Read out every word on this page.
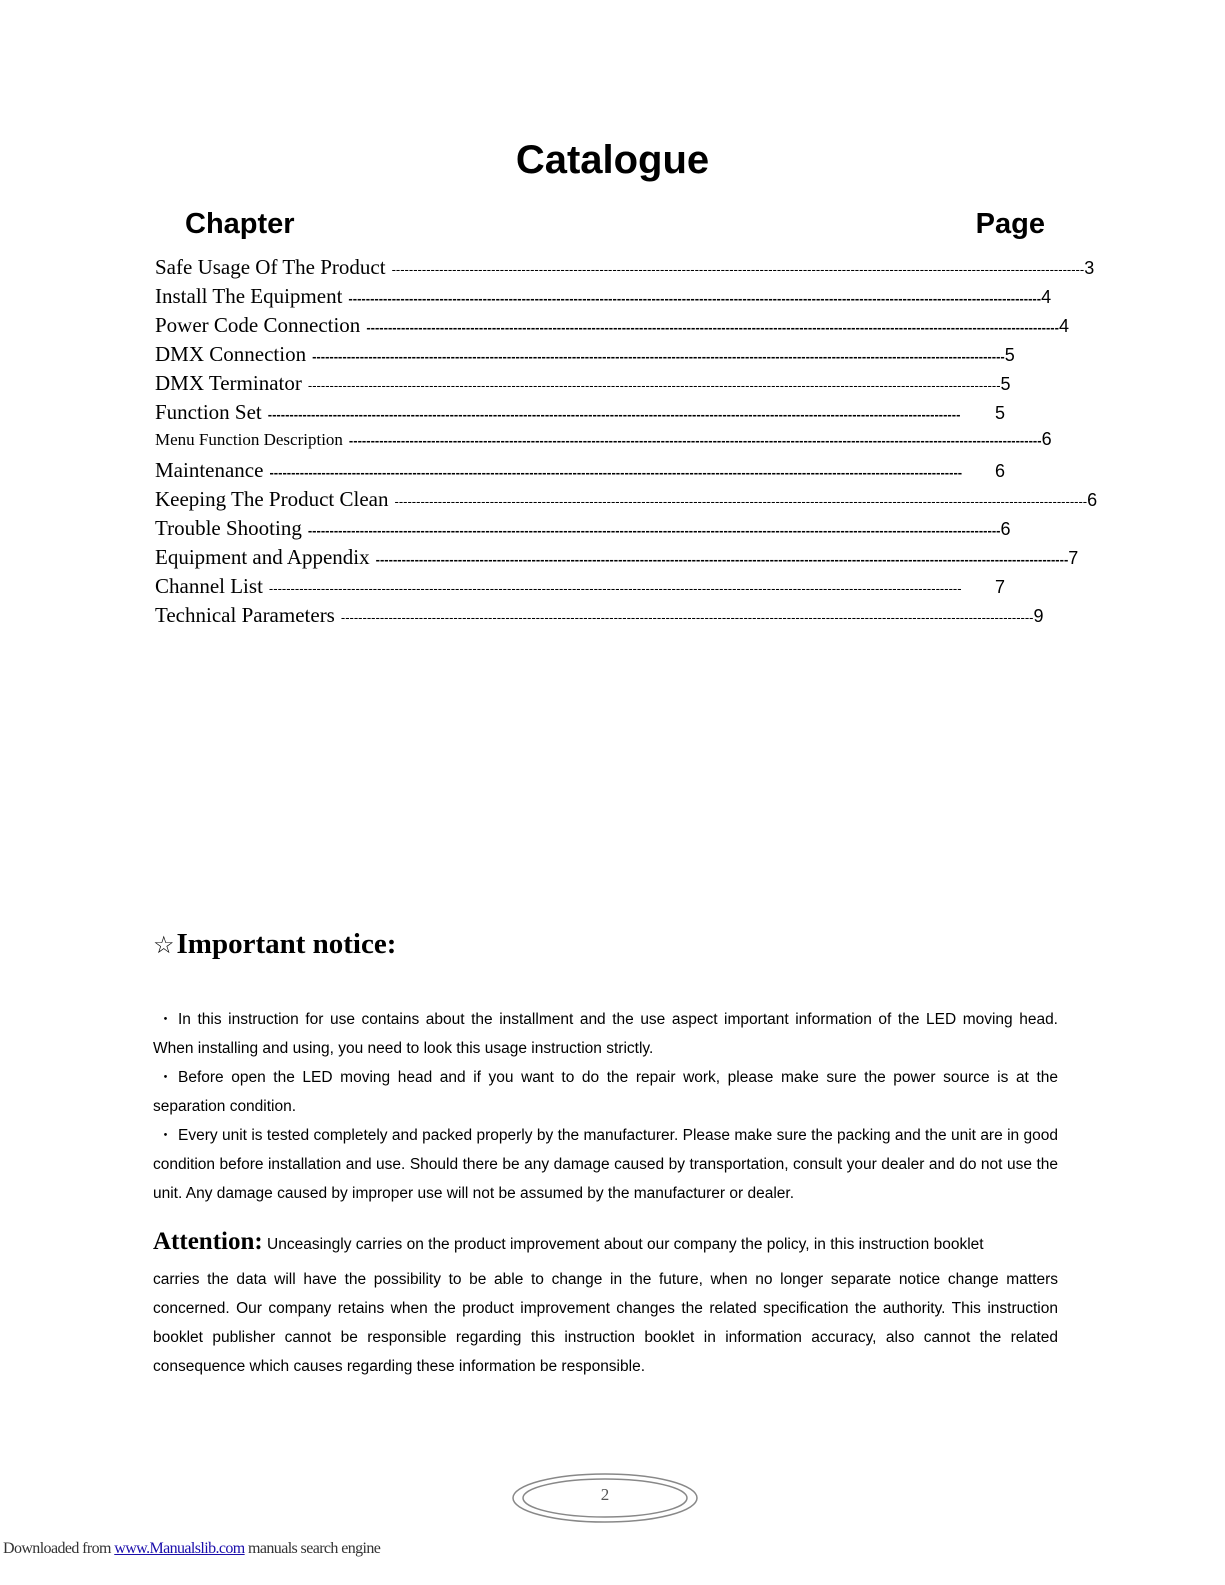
Catalogue
Chapter	Page
Safe Usage Of The Product ---------------------------------------------------------------------------------------------------------------------------------------------------------------- 3
Install The Equipment ---------------------------------------------------------------------------------------------------------------------------------------------------------------- 4
Power Code Connection ---------------------------------------------------------------------------------------------------------------------------------------------------------------- 4
DMX Connection ---------------------------------------------------------------------------------------------------------------------------------------------------------------- 5
DMX Terminator ---------------------------------------------------------------------------------------------------------------------------------------------------------------- 5
Function Set ----------------------------------------------------------------------------------------------------------------------------------------------------------------	5
Menu Function Description ---------------------------------------------------------------------------------------------------------------------------------------------------------------- 6
Maintenance ----------------------------------------------------------------------------------------------------------------------------------------------------------------	6
Keeping The Product Clean ---------------------------------------------------------------------------------------------------------------------------------------------------------------- 6
Trouble Shooting ---------------------------------------------------------------------------------------------------------------------------------------------------------------- 6
Equipment and Appendix ---------------------------------------------------------------------------------------------------------------------------------------------------------------- 7
Channel List ----------------------------------------------------------------------------------------------------------------------------------------------------------------	7
Technical Parameters ---------------------------------------------------------------------------------------------------------------------------------------------------------------- 9
☆Important notice:

・ In this instruction for use contains about the installment and the use aspect important information of the LED moving head. When installing and using, you need to look this usage instruction strictly.

・ Before open the LED moving head and if you want to do the repair work, please make sure the power source is at the separation condition.

・ Every unit is tested completely and packed properly by the manufacturer. Please make sure the packing and the unit are in good condition before installation and use. Should there be any damage caused by transportation, consult your dealer and do not use the unit. Any damage caused by improper use will not be assumed by the manufacturer or dealer.

Attention: Unceasingly carries on the product improvement about our company the policy, in this instruction booklet
carries the data will have the possibility to be able to change in the future, when no longer separate notice change matters concerned. Our company retains when the product improvement changes the related specification the authority. This instruction booklet publisher cannot be responsible regarding this instruction booklet in information accuracy, also cannot the related consequence which causes regarding these information be responsible.
2
Downloaded from www.Manualslib.com manuals search engine
